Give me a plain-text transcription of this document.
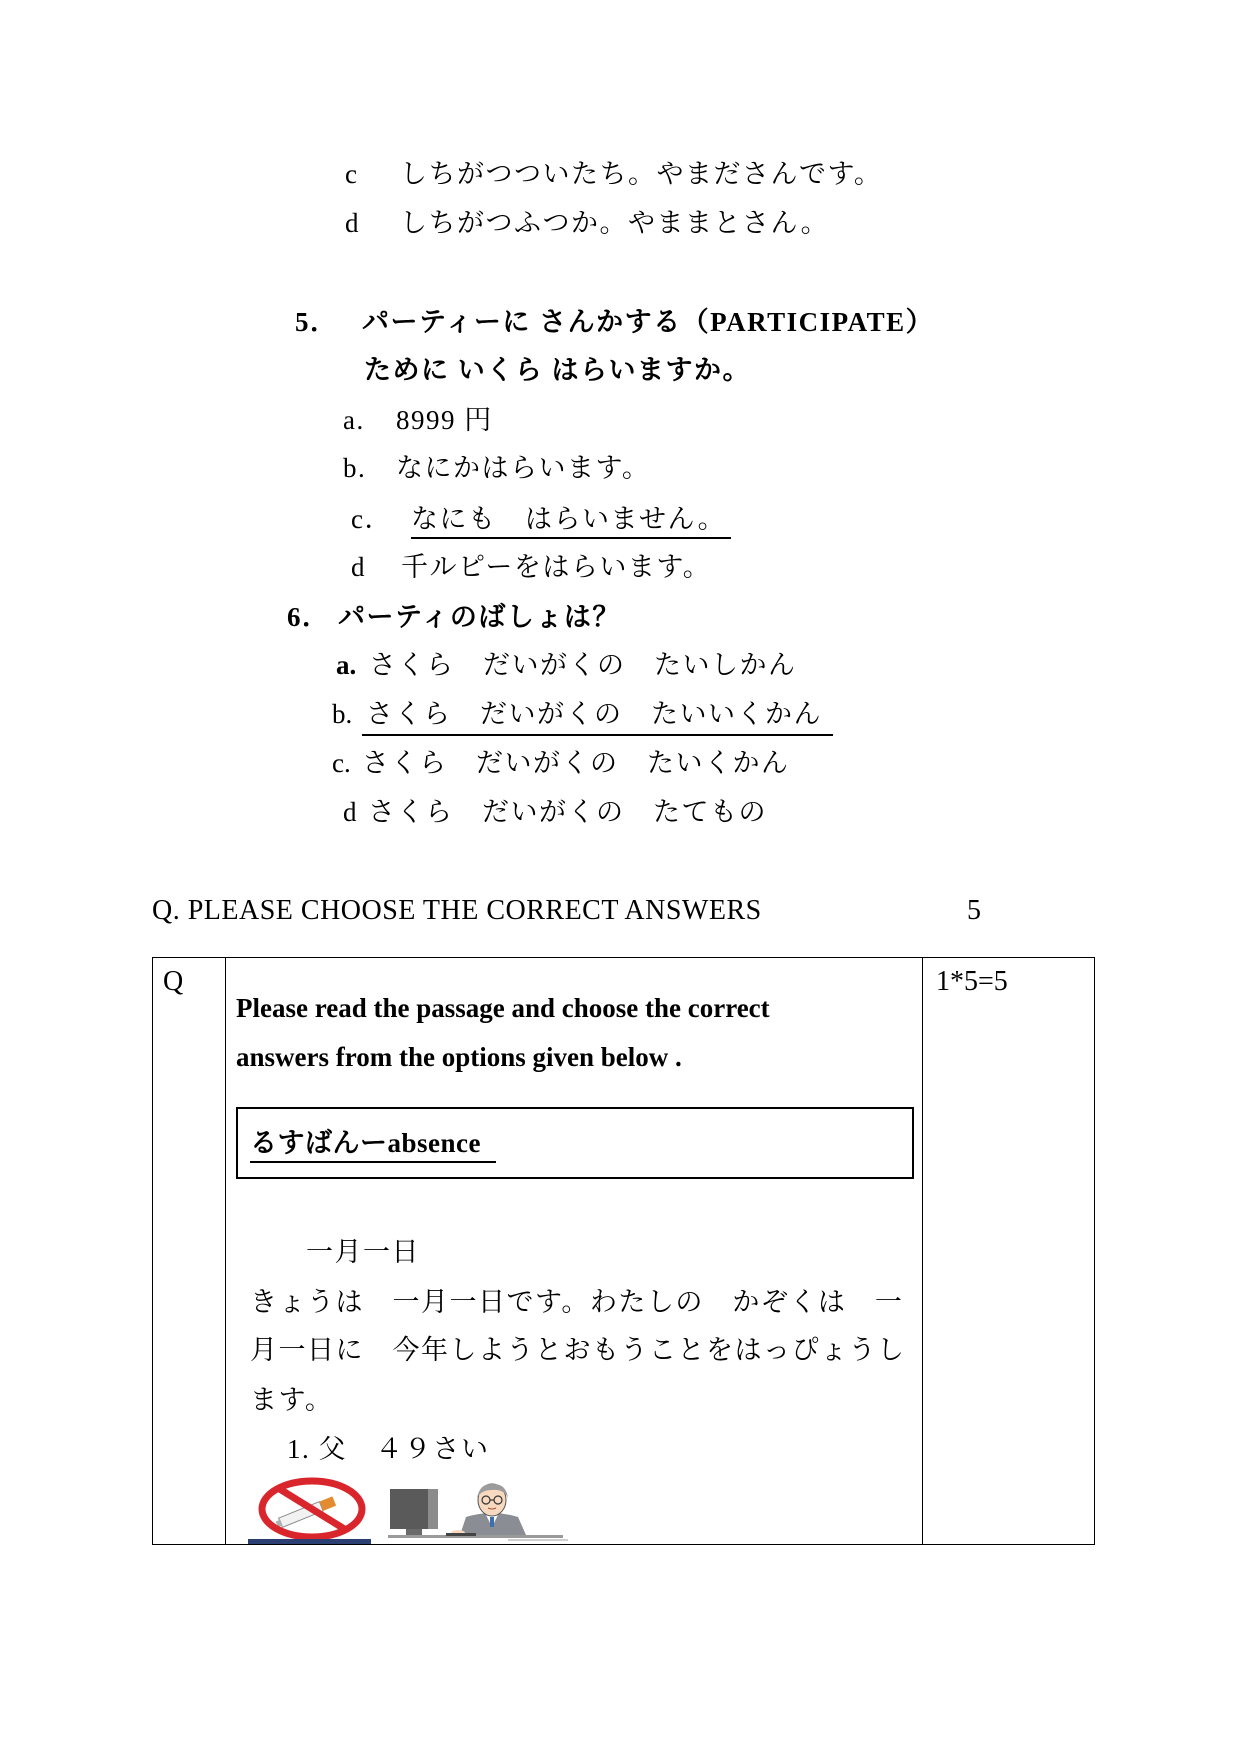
c しちがつついたち。やまださんです。
d しちがつふつか。やままとさん。
5． パーティーに さんかする（PARTICIPATE）
ために いくら はらいますか。
a. 8999 円
b. なにかはらいます。
c． なにも　はらいません。
d 千ルピーをはらいます。
6． パーティのばしょは？
a. さくら　だいがくの　たいしかん
b. さくら　だいがくの　たいいくかん
c. さくら　だいがくの　たいくかん
d さくら　だいがくの　たてもの
Q. PLEASE CHOOSE THE CORRECT ANSWERS	5
Q	1*5=5
Please read the passage and choose the correct
answers from the options given below .
るすばんーabsence
一月一日
きょうは　一月一日です。わたしの　かぞくは　一
月一日に　今年しようとおもうことをはっぴょうし
ます。
1. 父　４９さい
